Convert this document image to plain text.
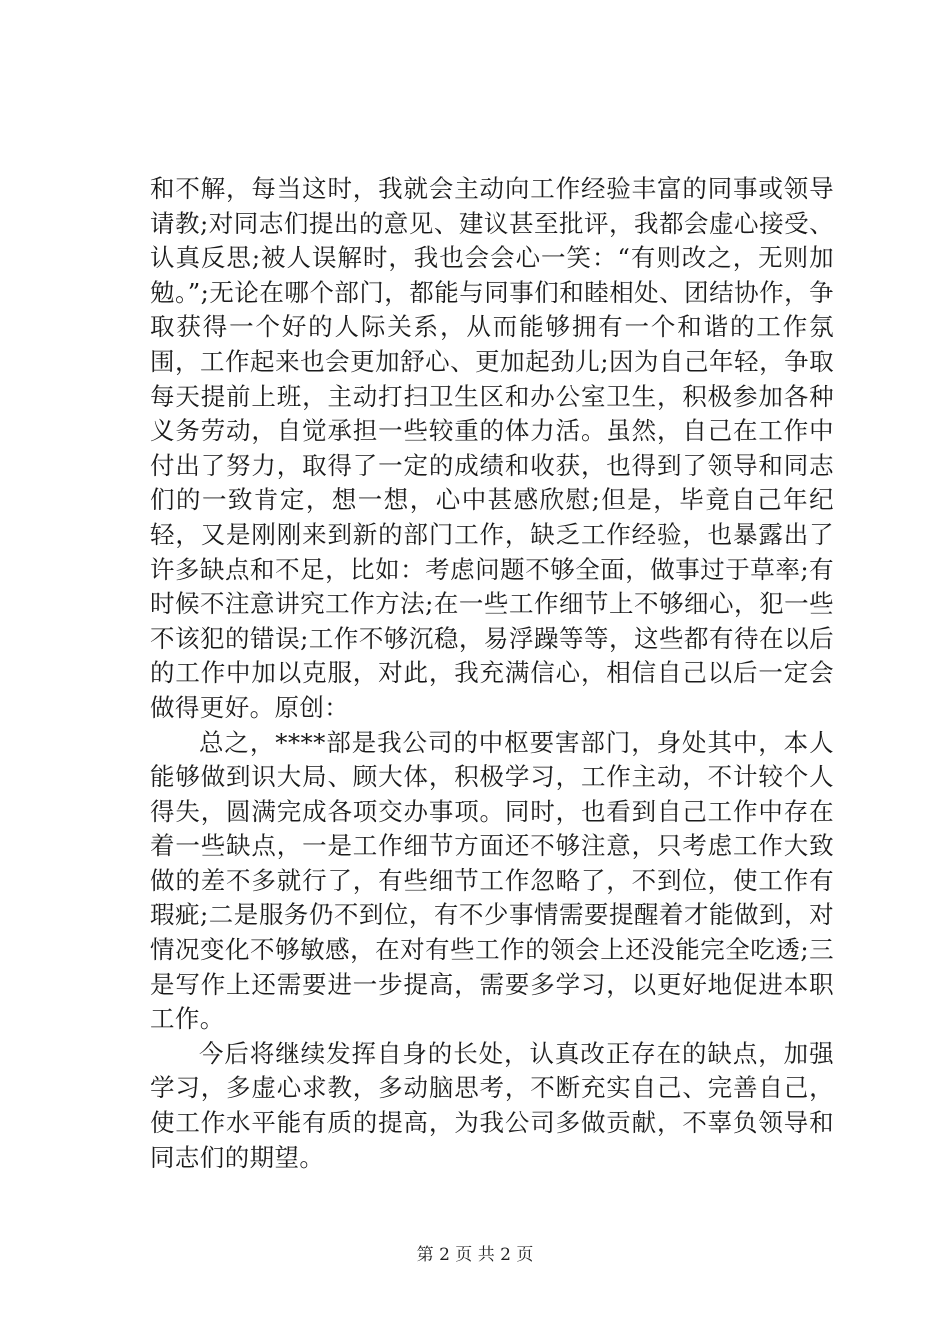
和不解，每当这时，我就会主动向工作经验丰富的同事或领导请教;对同志们提出的意见、建议甚至批评，我都会虚心接受、认真反思;被人误解时，我也会会心一笑：“有则改之，无则加勉。”;无论在哪个部门，都能与同事们和睦相处、团结协作，争取获得一个好的人际关系，从而能够拥有一个和谐的工作氛围，工作起来也会更加舒心、更加起劲儿;因为自己年轻，争取每天提前上班，主动打扫卫生区和办公室卫生，积极参加各种义务劳动，自觉承担一些较重的体力活。虽然，自己在工作中付出了努力，取得了一定的成绩和收获，也得到了领导和同志们的一致肯定，想一想，心中甚感欣慰;但是，毕竟自己年纪轻，又是刚刚来到新的部门工作，缺乏工作经验，也暴露出了许多缺点和不足，比如：考虑问题不够全面，做事过于草率;有时候不注意讲究工作方法;在一些工作细节上不够细心，犯一些不该犯的错误;工作不够沉稳，易浮躁等等，这些都有待在以后的工作中加以克服，对此，我充满信心，相信自己以后一定会做得更好。原创：

总之，****部是我公司的中枢要害部门，身处其中，本人能够做到识大局、顾大体，积极学习，工作主动，不计较个人得失，圆满完成各项交办事项。同时，也看到自己工作中存在着一些缺点，一是工作细节方面还不够注意，只考虑工作大致做的差不多就行了，有些细节工作忽略了，不到位，使工作有瑕疵;二是服务仍不到位，有不少事情需要提醒着才能做到，对情况变化不够敏感，在对有些工作的领会上还没能完全吃透;三是写作上还需要进一步提高，需要多学习，以更好地促进本职工作。

今后将继续发挥自身的长处，认真改正存在的缺点，加强学习，多虚心求教，多动脑思考，不断充实自己、完善自己，使工作水平能有质的提高，为我公司多做贡献，不辜负领导和同志们的期望。

第 2 页 共 2 页
